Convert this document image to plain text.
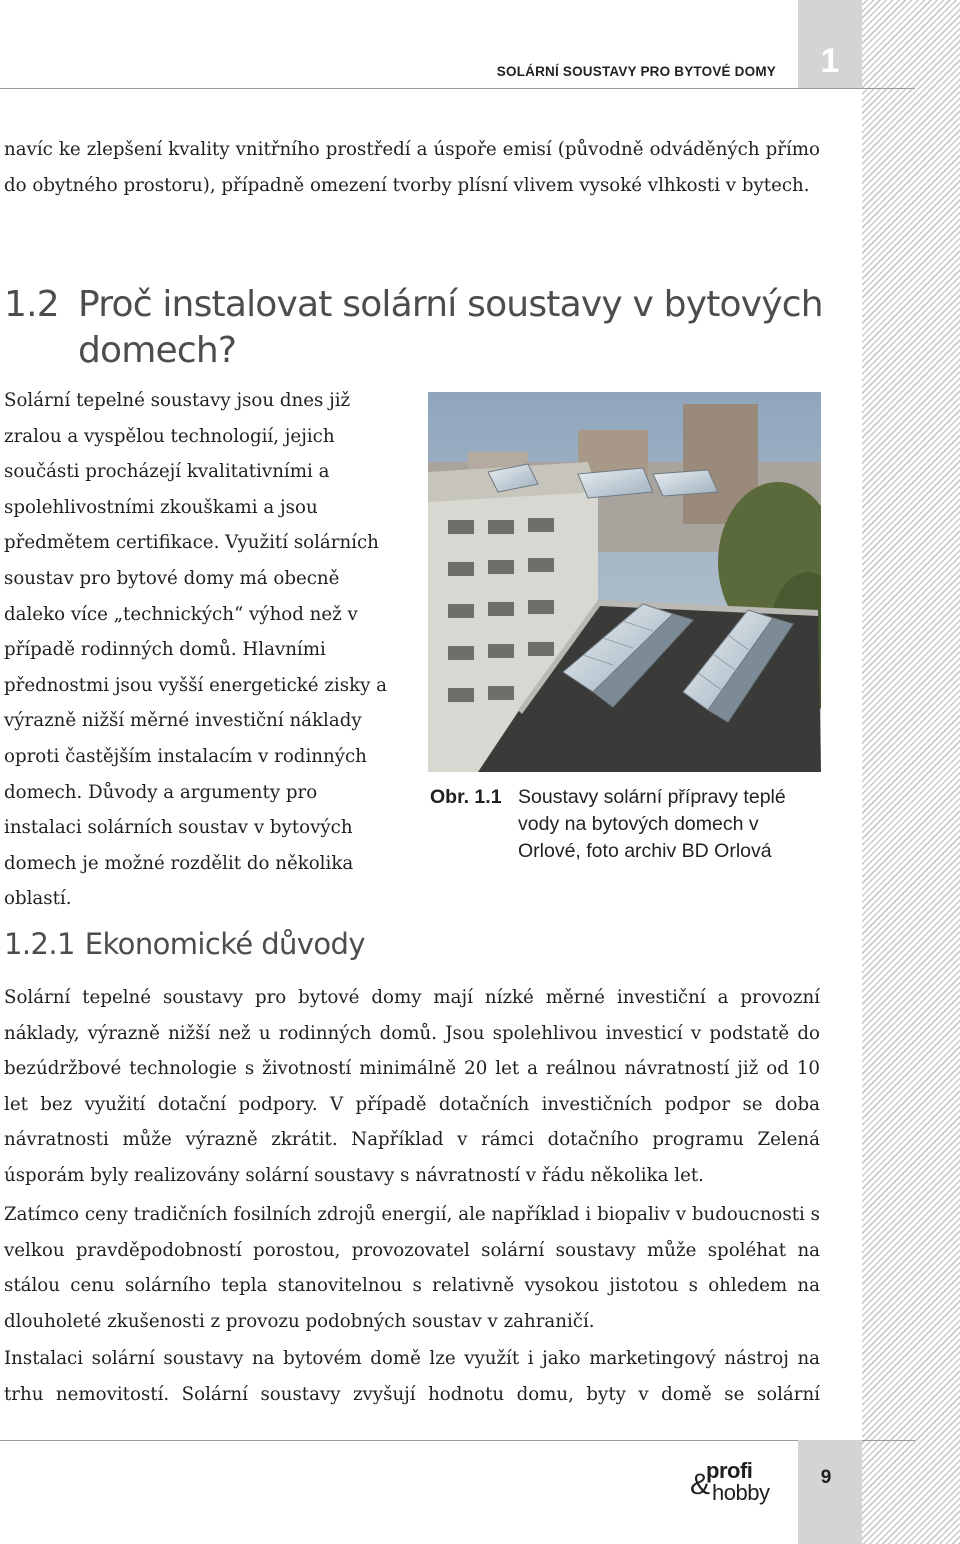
1
SOLÁRNÍ SOUSTAVY PRO BYTOVÉ DOMY

navíc ke zlepšení kvality vnitřního prostředí a úspoře emisí (původně odváděných přímo do obytného prostoru), případně omezení tvorby plísní vlivem vysoké vlhkosti v bytech.

1.2 Proč instalovat solární soustavy v bytových
domech?

Solární tepelné soustavy jsou dnes již zralou a vyspělou technologií, jejich součásti procházejí kvalitativními a spolehlivostními zkouškami a jsou předmětem certifikace. Využití solárních soustav pro bytové domy má obecně daleko více „technických“ výhod než v případě rodinných domů. Hlavními přednostmi jsou vyšší energetické zisky a výrazně nižší měrné investiční náklady oproti častějším instalacím v rodinných domech. Důvody a argumenty pro instalaci solárních soustav v bytových domech je možné rozdělit do několika oblastí.

Obr. 1.1 Soustavy solární přípravy teplé vody na bytových domech v Orlové, foto archiv BD Orlová
1.2.1 Ekonomické důvody

Solární tepelné soustavy pro bytové domy mají nízké měrné investiční a provozní náklady, výrazně nižší než u rodinných domů. Jsou spolehlivou investicí v podstatě do bezúdržbové technologie s životností minimálně 20 let a reálnou návratností již od 10 let bez využití dotační podpory. V případě dotačních investičních podpor se doba návratnosti může výrazně zkrátit. Například v rámci dotačního programu Zelená úsporám byly realizovány solární soustavy s návratností v řádu několika let.

Zatímco ceny tradičních fosilních zdrojů energií, ale například i biopaliv v budoucnosti s velkou pravděpodobností porostou, provozovatel solární soustavy může spoléhat na stálou cenu solárního tepla stanovitelnou s relativně vysokou jistotou s ohledem na dlouholeté zkušenosti z provozu podobných soustav v zahraničí.

Instalaci solární soustavy na bytovém domě lze využít i jako marketingový nástroj na trhu nemovitostí. Solární soustavy zvyšují hodnotu domu, byty v domě se solární

9
&
profi
hobby
